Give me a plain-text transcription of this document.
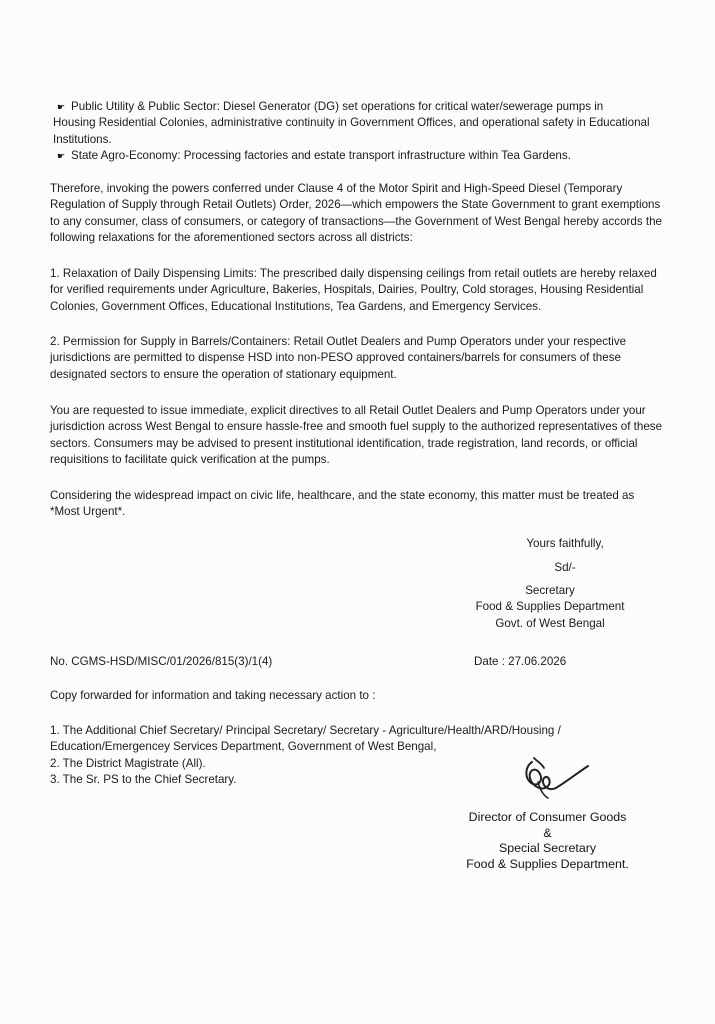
☛ Public Utility & Public Sector: Diesel Generator (DG) set operations for critical water/sewerage pumps in
Housing Residential Colonies, administrative continuity in Government Offices, and operational safety in Educational Institutions.
☛ State Agro-Economy: Processing factories and estate transport infrastructure within Tea Gardens.
Therefore, invoking the powers conferred under Clause 4 of the Motor Spirit and High-Speed Diesel (Temporary Regulation of Supply through Retail Outlets) Order, 2026—which empowers the State Government to grant exemptions to any consumer, class of consumers, or category of transactions—the Government of West Bengal hereby accords the following relaxations for the aforementioned sectors across all districts:
1. Relaxation of Daily Dispensing Limits: The prescribed daily dispensing ceilings from retail outlets are hereby relaxed for verified requirements under Agriculture, Bakeries, Hospitals, Dairies, Poultry, Cold storages, Housing Residential Colonies, Government Offices, Educational Institutions, Tea Gardens, and Emergency Services.
2. Permission for Supply in Barrels/Containers: Retail Outlet Dealers and Pump Operators under your respective jurisdictions are permitted to dispense HSD into non-PESO approved containers/barrels for consumers of these designated sectors to ensure the operation of stationary equipment.
You are requested to issue immediate, explicit directives to all Retail Outlet Dealers and Pump Operators under your jurisdiction across West Bengal to ensure hassle-free and smooth fuel supply to the authorized representatives of these sectors. Consumers may be advised to present institutional identification, trade registration, land records, or official requisitions to facilitate quick verification at the pumps.
Considering the widespread impact on civic life, healthcare, and the state economy, this matter must be treated as *Most Urgent*.
Yours faithfully,
Sd/-
Secretary
Food & Supplies Department
Govt. of West Bengal
No. CGMS-HSD/MISC/01/2026/815(3)/1(4)	Date : 27.06.2026
Copy forwarded for information and taking necessary action to :
1. The Additional Chief Secretary/ Principal Secretary/ Secretary - Agriculture/Health/ARD/Housing / Education/Emergencey Services Department, Government of West Bengal,
2. The District Magistrate (All).
3. The Sr. PS to the Chief Secretary.
Director of Consumer Goods
&
Special Secretary
Food & Supplies Department.
